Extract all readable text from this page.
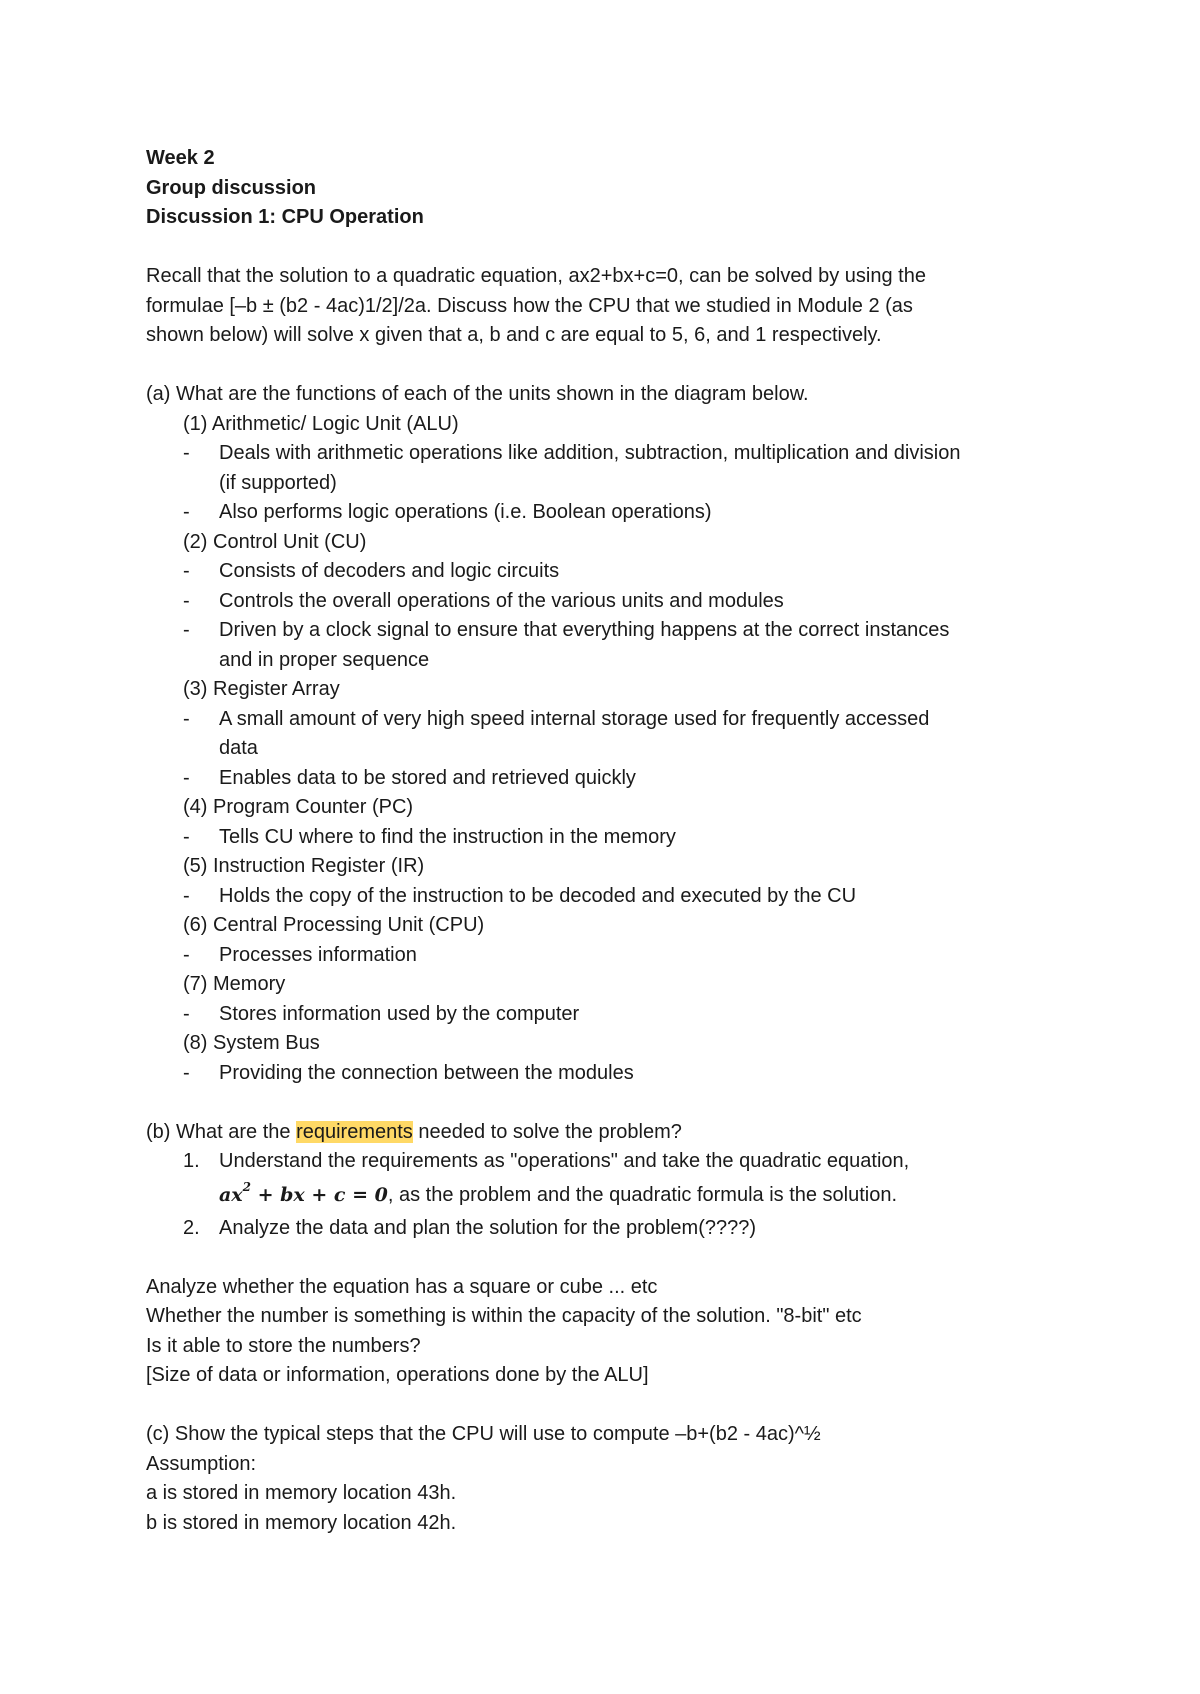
Week 2
Group discussion
Discussion 1: CPU Operation
Recall that the solution to a quadratic equation, ax2+bx+c=0, can be solved by using the
formulae [–b ± (b2 - 4ac)1/2]/2a. Discuss how the CPU that we studied in Module 2 (as
shown below) will solve x given that a, b and c are equal to 5, 6, and 1 respectively.
(a) What are the functions of each of the units shown in the diagram below.
(1) Arithmetic/ Logic Unit (ALU)
- Deals with arithmetic operations like addition, subtraction, multiplication and division
(if supported)
- Also performs logic operations (i.e. Boolean operations)
(2) Control Unit (CU)
- Consists of decoders and logic circuits
- Controls the overall operations of the various units and modules
- Driven by a clock signal to ensure that everything happens at the correct instances
and in proper sequence
(3) Register Array
- A small amount of very high speed internal storage used for frequently accessed
data
- Enables data to be stored and retrieved quickly
(4) Program Counter (PC)
- Tells CU where to find the instruction in the memory
(5) Instruction Register (IR)
- Holds the copy of the instruction to be decoded and executed by the CU
(6) Central Processing Unit (CPU)
- Processes information
(7) Memory
- Stores information used by the computer
(8) System Bus
- Providing the connection between the modules
(b) What are the requirements needed to solve the problem?
1. Understand the requirements as "operations" and take the quadratic equation,
$ax^2$ + bx + c = 0, as the problem and the quadratic formula is the solution.
2. Analyze the data and plan the solution for the problem(????)
Analyze whether the equation has a square or cube ... etc
Whether the number is something is within the capacity of the solution. "8-bit" etc
Is it able to store the numbers?
[Size of data or information, operations done by the ALU]
(c) Show the typical steps that the CPU will use to compute –b+(b2 - 4ac)^½
Assumption:
a is stored in memory location 43h.
b is stored in memory location 42h.
